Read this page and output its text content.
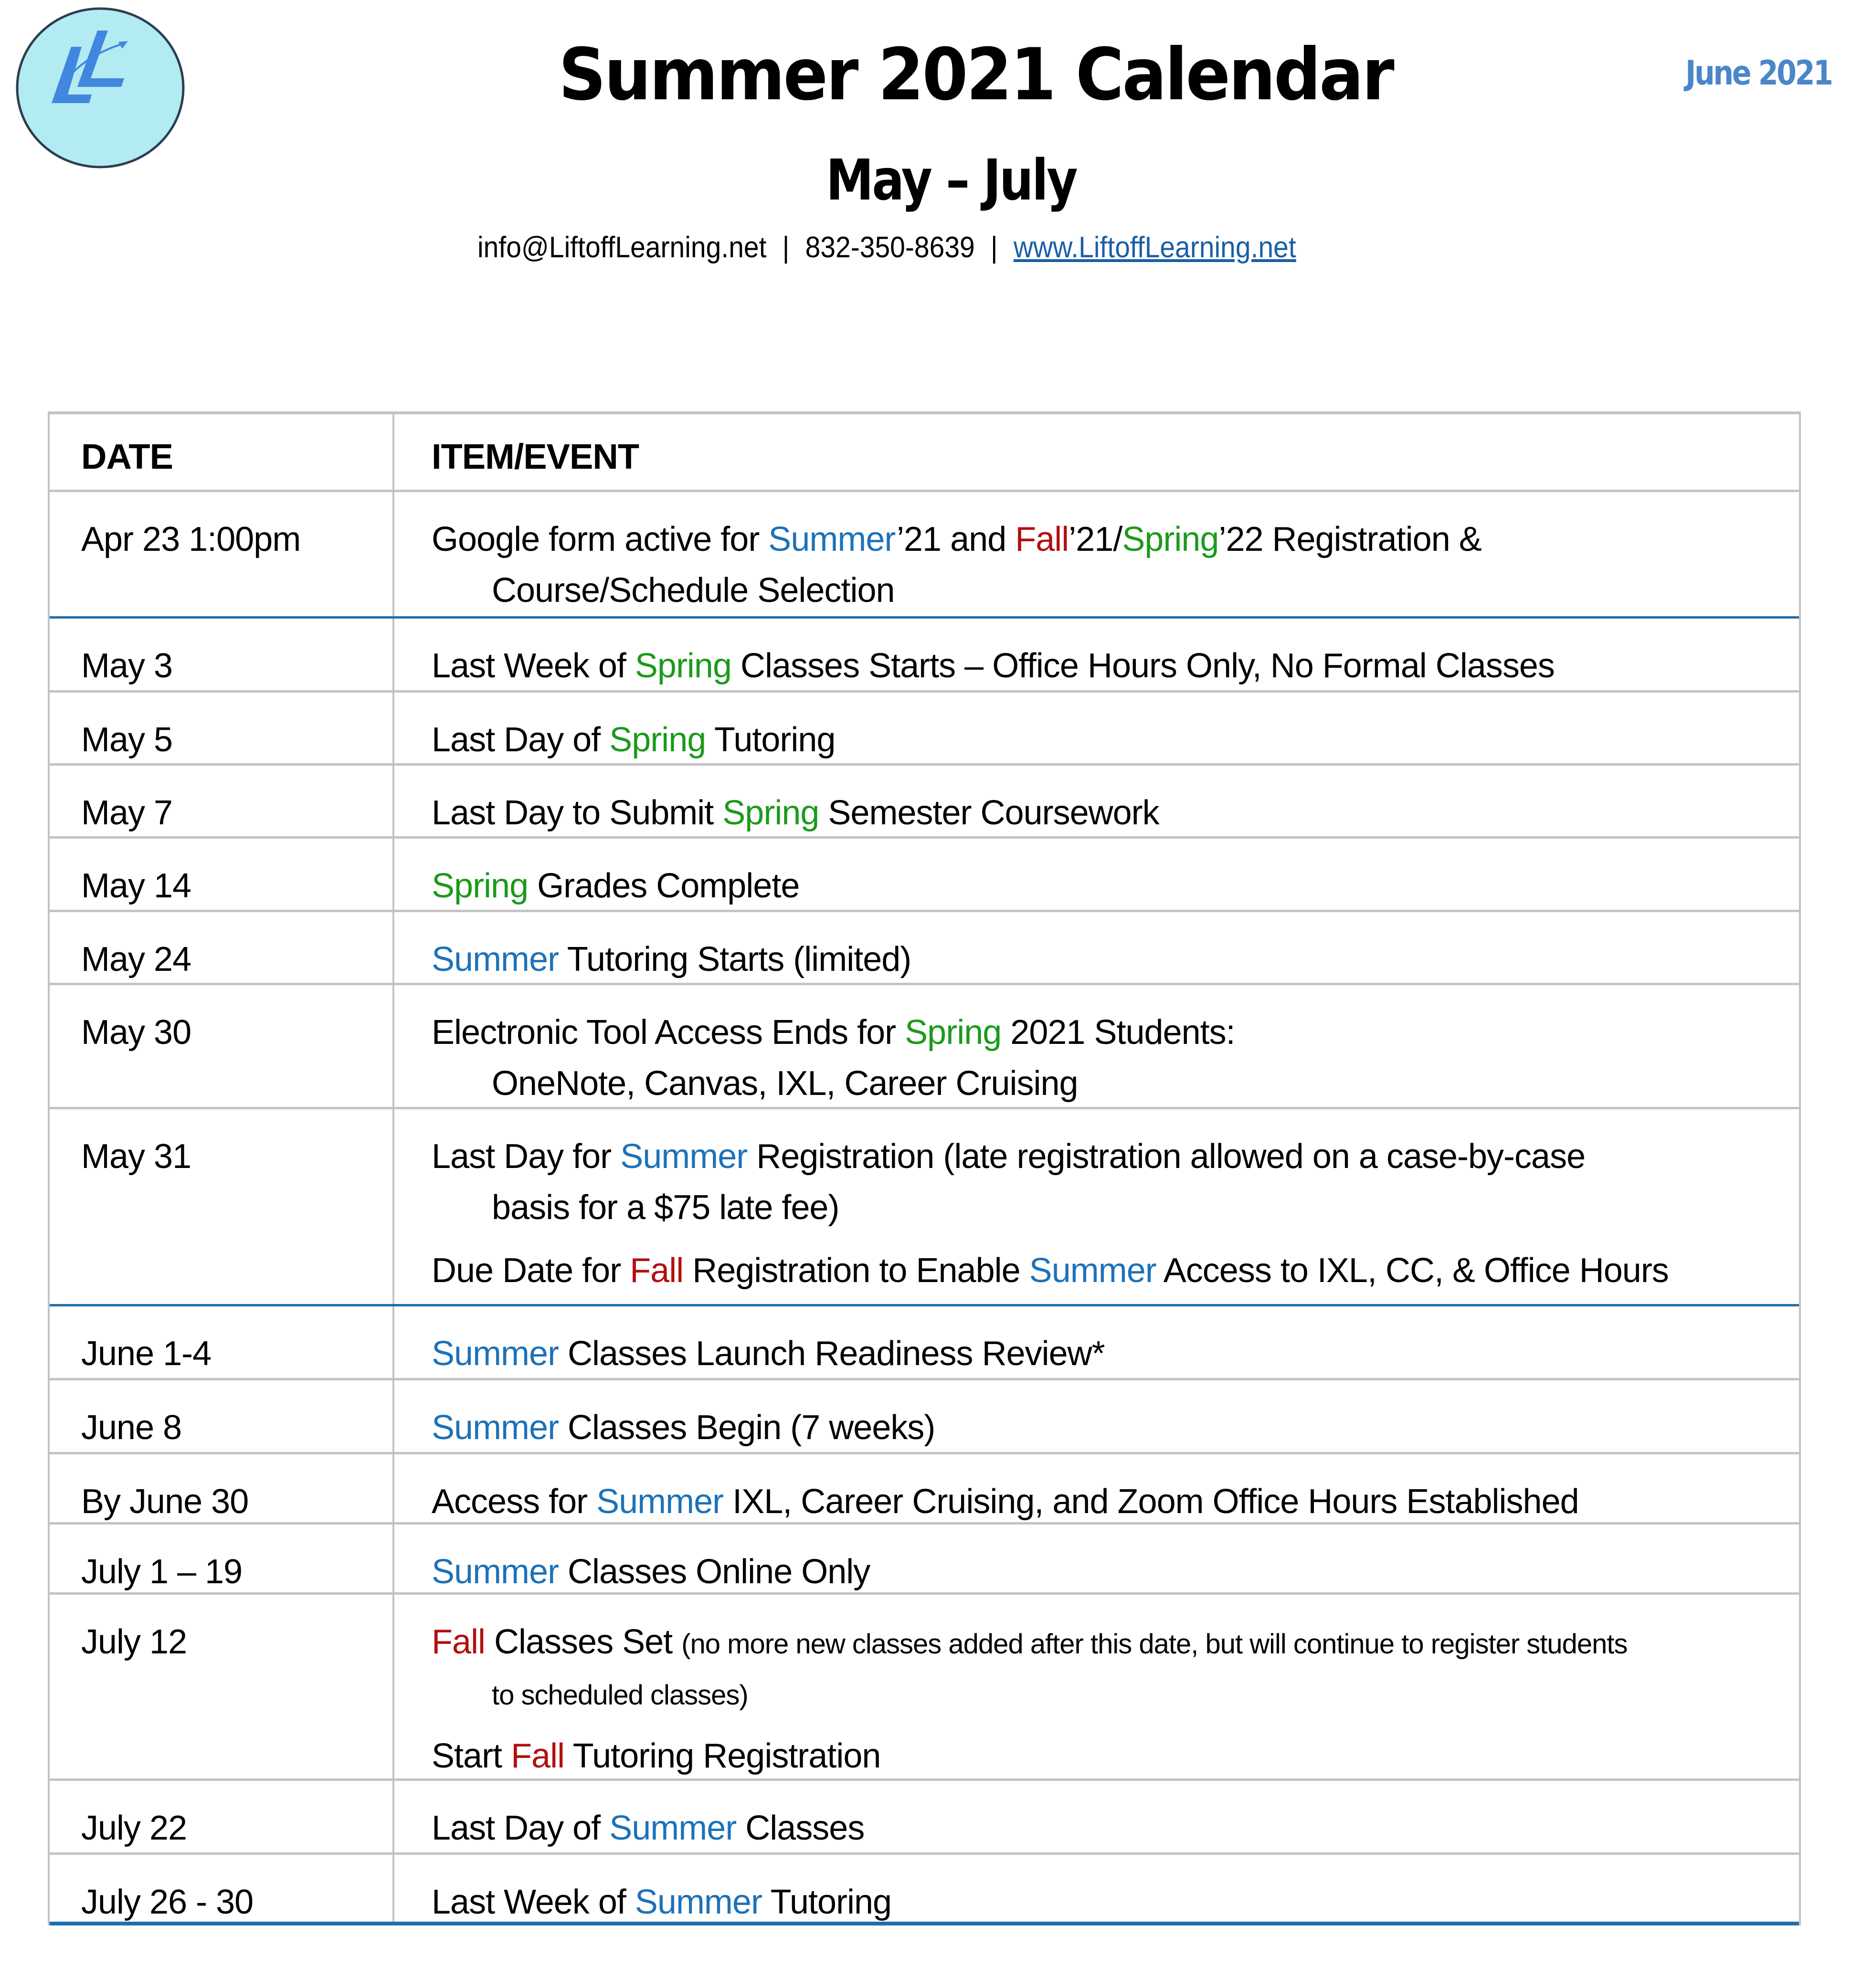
Summer 2021 Calendar
May – July
June 2021
info@LiftoffLearning.net | 832-350-8639 | www.LiftoffLearning.net
DATE	ITEM/EVENT
Apr 23 1:00pm	Google form active for Summer’21 and Fall’21/Spring’22 Registration &
Course/Schedule Selection
May 3	Last Week of Spring Classes Starts – Office Hours Only, No Formal Classes
May 5	Last Day of Spring Tutoring
May 7	Last Day to Submit Spring Semester Coursework
May 14	Spring Grades Complete
May 24	Summer Tutoring Starts (limited)
May 30	Electronic Tool Access Ends for Spring 2021 Students:
OneNote, Canvas, IXL, Career Cruising
May 31	Last Day for Summer Registration (late registration allowed on a case-by-case
basis for a $75 late fee)
Due Date for Fall Registration to Enable Summer Access to IXL, CC, & Office Hours
June 1-4	Summer Classes Launch Readiness Review*
June 8	Summer Classes Begin (7 weeks)
By June 30	Access for Summer IXL, Career Cruising, and Zoom Office Hours Established
July 1 – 19	Summer Classes Online Only
July 12	Fall Classes Set (no more new classes added after this date, but will continue to register students
to scheduled classes)
Start Fall Tutoring Registration
July 22	Last Day of Summer Classes
July 26 - 30	Last Week of Summer Tutoring
